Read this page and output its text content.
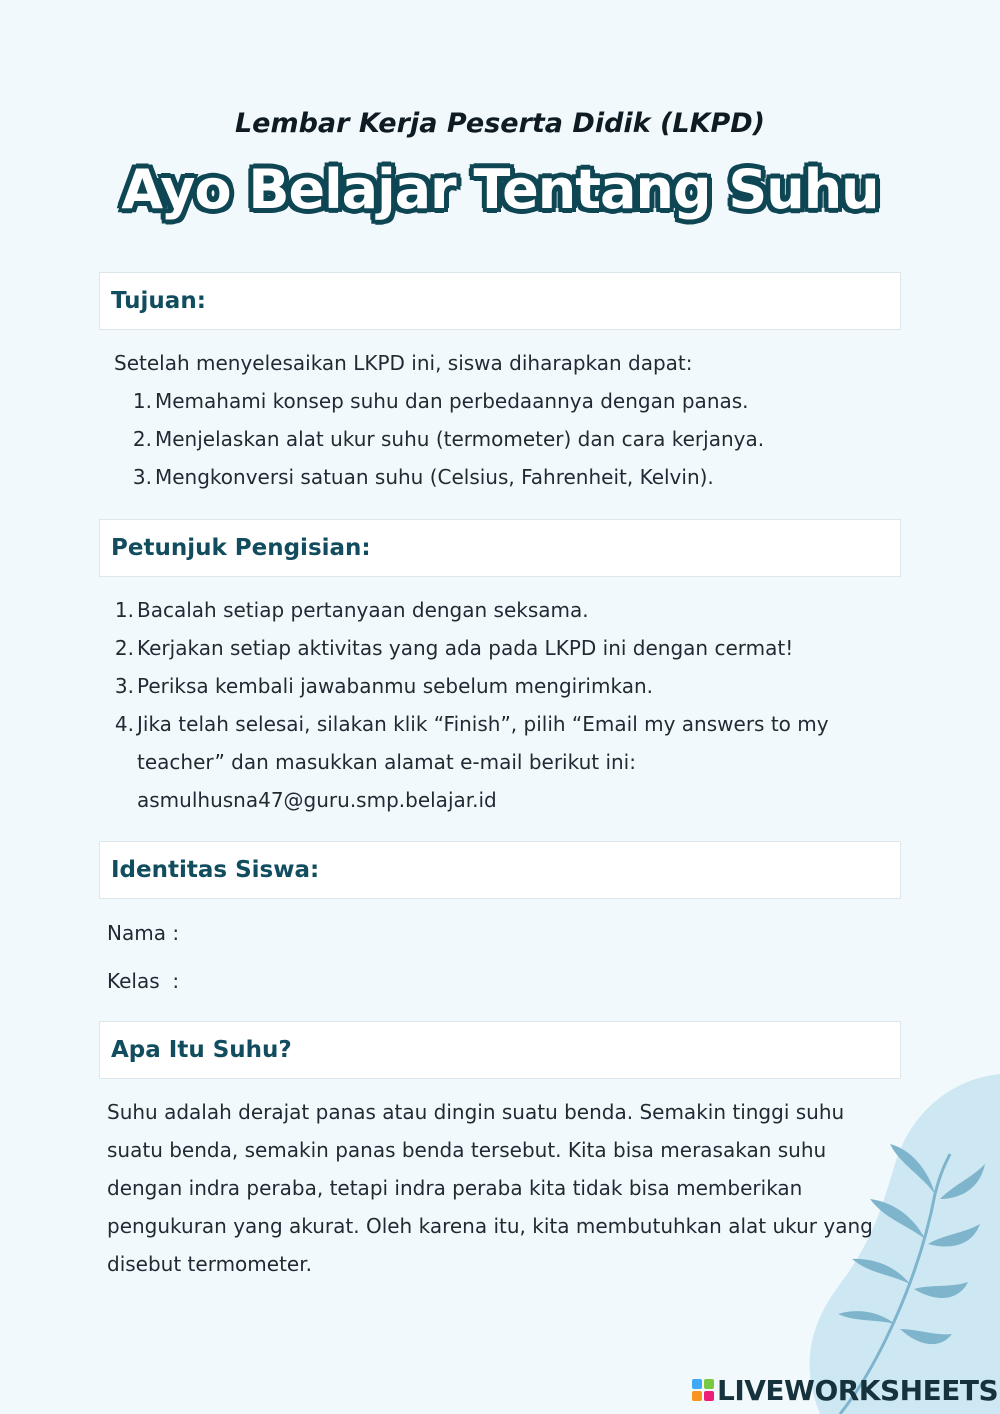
Lembar Kerja Peserta Didik (LKPD)
Ayo Belajar Tentang Suhu
Tujuan:
Setelah menyelesaikan LKPD ini, siswa diharapkan dapat:
1. Memahami konsep suhu dan perbedaannya dengan panas.
2. Menjelaskan alat ukur suhu (termometer) dan cara kerjanya.
3. Mengkonversi satuan suhu (Celsius, Fahrenheit, Kelvin).
Petunjuk Pengisian:
1. Bacalah setiap pertanyaan dengan seksama.
2. Kerjakan setiap aktivitas yang ada pada LKPD ini dengan cermat!
3. Periksa kembali jawabanmu sebelum mengirimkan.
4. Jika telah selesai, silakan klik “Finish”, pilih “Email my answers to my teacher” dan masukkan alamat e-mail berikut ini: asmulhusna47@guru.smp.belajar.id
Identitas Siswa:
Nama :
Kelas  :
Apa Itu Suhu?
Suhu adalah derajat panas atau dingin suatu benda. Semakin tinggi suhu suatu benda, semakin panas benda tersebut. Kita bisa merasakan suhu dengan indra peraba, tetapi indra peraba kita tidak bisa memberikan pengukuran yang akurat. Oleh karena itu, kita membutuhkan alat ukur yang disebut termometer.
LIVEWORKSHEETS
